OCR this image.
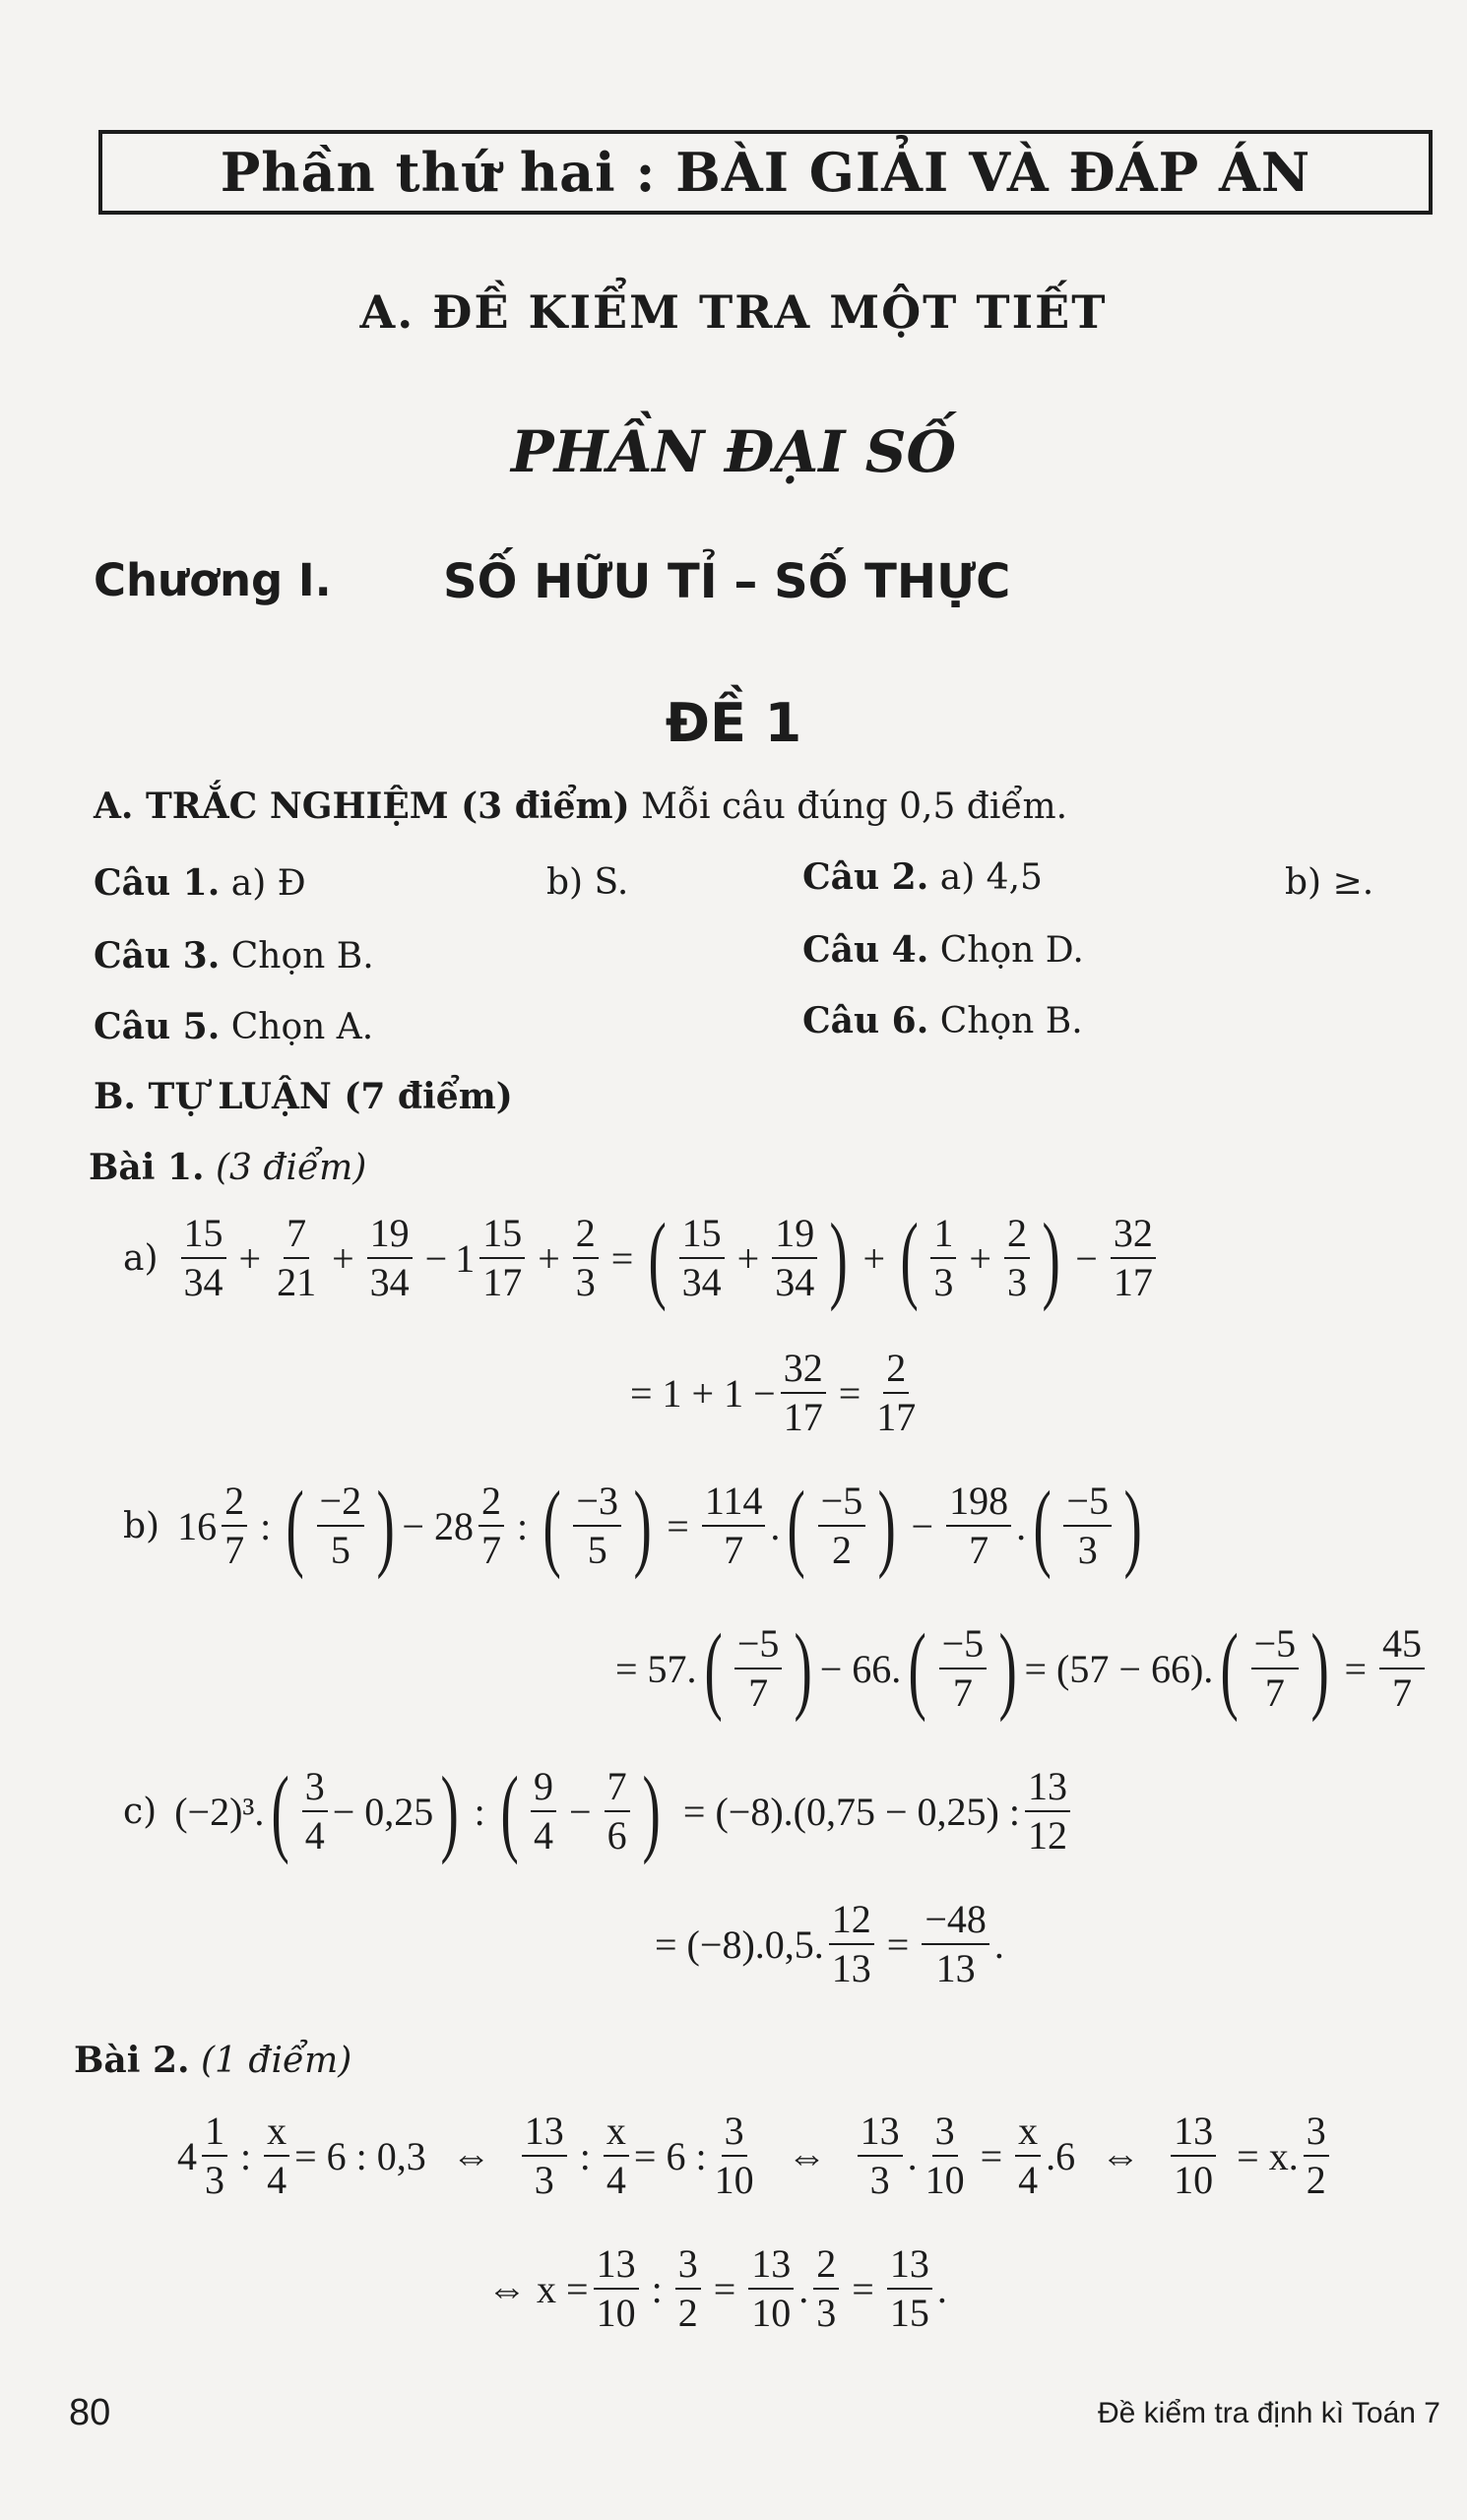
Phần thứ hai : BÀI GIẢI VÀ ĐÁP ÁN
A. ĐỀ KIỂM TRA MỘT TIẾT
PHẦN ĐẠI SỐ
Chương I. SỐ HỮU TỈ – SỐ THỰC
ĐỀ 1
A. TRẮC NGHIỆM (3 điểm) Mỗi câu đúng 0,5 điểm.
Câu 1. a) Đ	b) S.	Câu 2. a) 4,5	b) ≥.
Câu 3. Chọn B.	Câu 4. Chọn D.
Câu 5. Chọn A.	Câu 6. Chọn B.
B. TỰ LUẬN (7 điểm)
Bài 1. (3 điểm)
$a) \frac{15}{34} + \frac{7}{21} + \frac{19}{34} - 1 \frac{15}{17} + \frac{2}{3}$ = ( $\frac{15}{34} + \frac{19}{34}$ ) + ( $\frac{1}{3} + \frac{2}{3}$ ) − $\frac{32}{17}$
= $1 + 1 - \frac{32}{17} = \frac{2}{17}$
b) $16 \frac{2}{7}$ : ( $\frac{-2}{5}$ ) − $28 \frac{2}{7}$ : ( $\frac{-3}{5}$ ) = $\frac{114}{7}$ . ( $\frac{-5}{2}$ ) − $\frac{198}{7}$ . ( $\frac{-5}{3}$ )
= 57. ( $\frac{-5}{7}$ ) − 66. ( $\frac{-5}{7}$ ) = (57 − 66). ( $\frac{-5}{7}$ ) = $\frac{45}{7}$
c) (−2)³. ( $\frac{3}{4} - 0,25$ ) : ( $\frac{9}{4} - \frac{7}{6}$ ) = (−8).(0,75 − 0,25) : $\frac{13}{12}$
= (−8).0,5. $\frac{12}{13} = \frac{-48}{13}$ .
Bài 2. (1 điểm)
$4 \frac{1}{3}$ : $\frac{x}{4} = 6$ : 0,3 ⇔ $\frac{13}{3}$ : $\frac{x}{4} = 6$ : $\frac{3}{10}$ ⇔ $\frac{13}{3}$ . $\frac{3}{10} = \frac{x}{4} .6$ ⇔ $\frac{13}{10} = x$. $\frac{3}{2}$
⇔ $x = \frac{13}{10}$ : $\frac{3}{2} = \frac{13}{10}$ . $\frac{2}{3} = \frac{13}{15}$ .
80	Đề kiểm tra định kì Toán 7
